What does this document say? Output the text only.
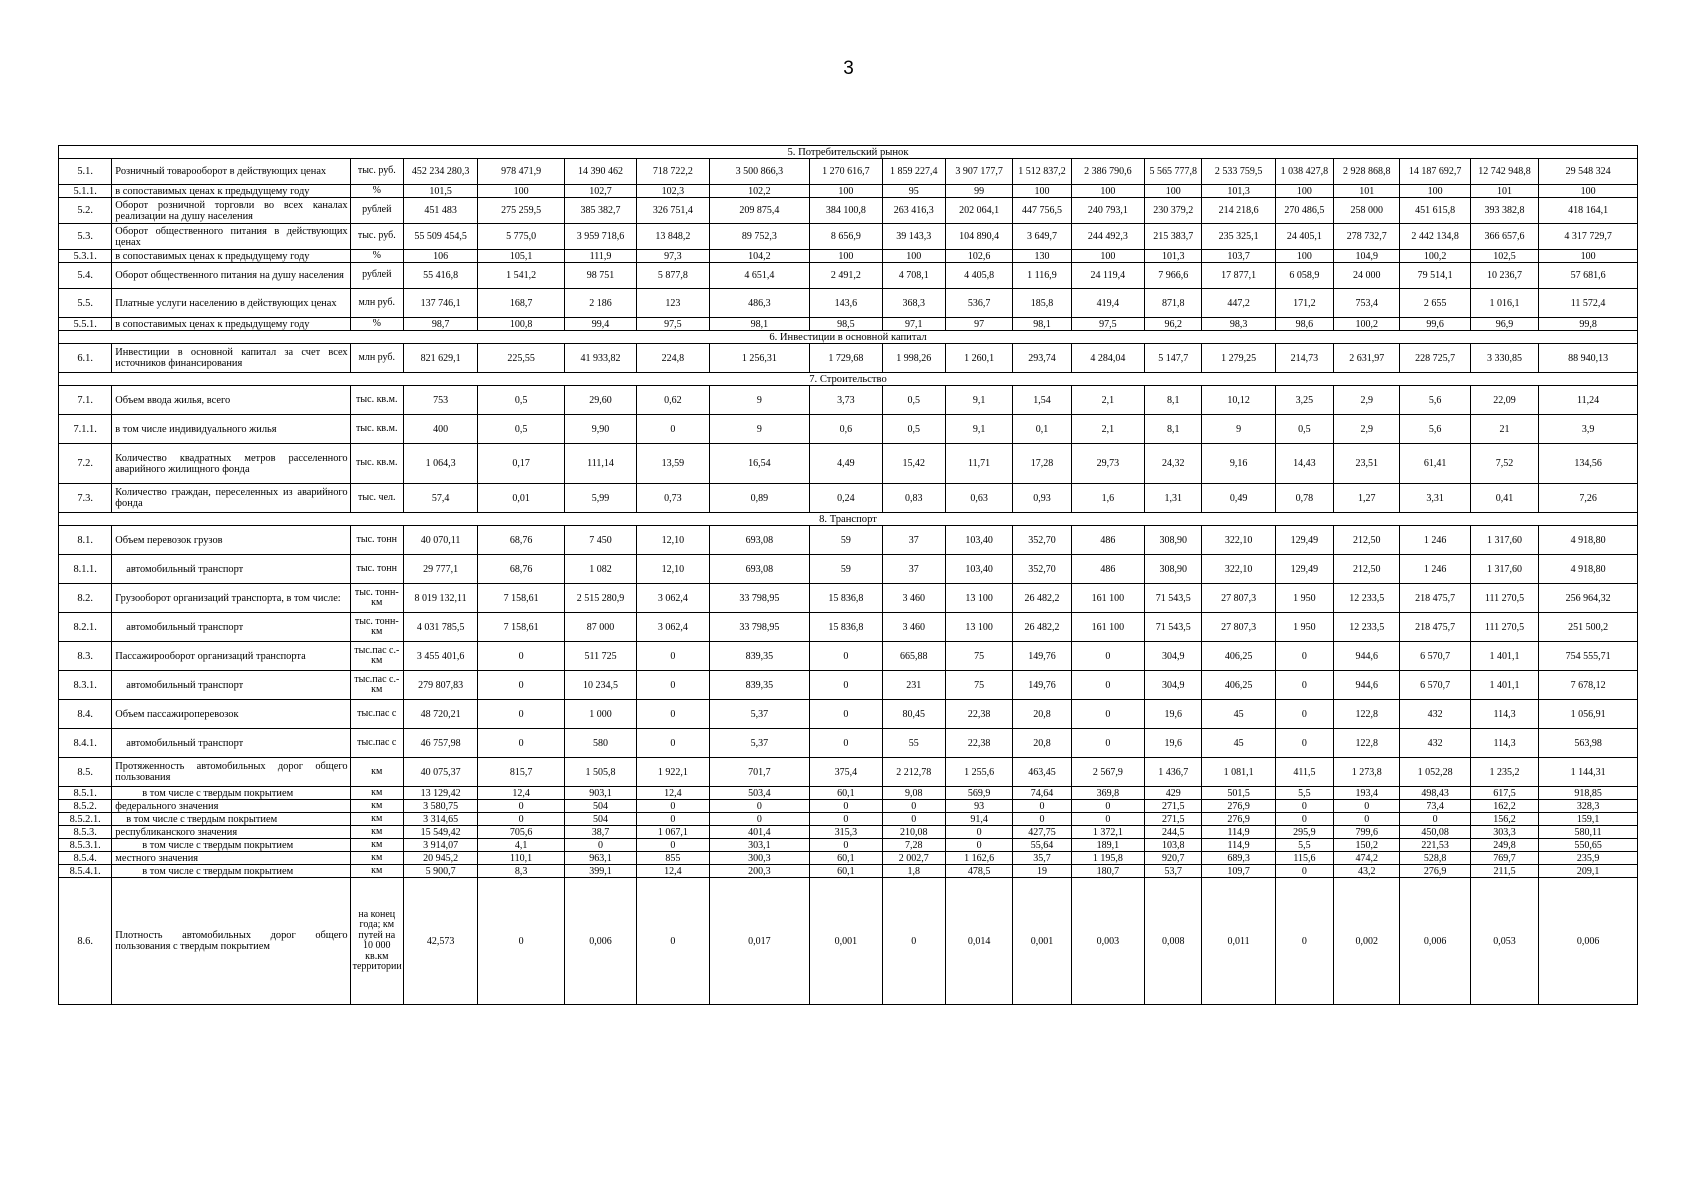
3
5. Потребительский рынок																			
5.1.	Розничный товарооборот в действующих ценах	тыс. руб.	452 234 280,3	978 471,9	14 390 462	718 722,2	3 500 866,3	1 270 616,7	1 859 227,4	3 907 177,7	1 512 837,2	2 386 790,6	5 565 777,8	2 533 759,5	1 038 427,8	2 928 868,8	14 187 692,7	12 742 948,8	29 548 324
5.1.1.	в сопоставимых ценах к предыдущему году	%	101,5	100	102,7	102,3	102,2	100	95	99	100	100	100	101,3	100	101	100	101	100
5.2.	Оборот розничной торговли во всех каналах реализации на душу населения	рублей	451 483	275 259,5	385 382,7	326 751,4	209 875,4	384 100,8	263 416,3	202 064,1	447 756,5	240 793,1	230 379,2	214 218,6	270 486,5	258 000	451 615,8	393 382,8	418 164,1
5.3.	Оборот общественного питания в действующих ценах	тыс. руб.	55 509 454,5	5 775,0	3 959 718,6	13 848,2	89 752,3	8 656,9	39 143,3	104 890,4	3 649,7	244 492,3	215 383,7	235 325,1	24 405,1	278 732,7	2 442 134,8	366 657,6	4 317 729,7
5.3.1.	в сопоставимых ценах к предыдущему году	%	106	105,1	111,9	97,3	104,2	100	100	102,6	130	100	101,3	103,7	100	104,9	100,2	102,5	100
5.4.	Оборот общественного питания на душу населения	рублей	55 416,8	1 541,2	98 751	5 877,8	4 651,4	2 491,2	4 708,1	4 405,8	1 116,9	24 119,4	7 966,6	17 877,1	6 058,9	24 000	79 514,1	10 236,7	57 681,6
5.5.	Платные услуги населению в действующих ценах	млн руб.	137 746,1	168,7	2 186	123	486,3	143,6	368,3	536,7	185,8	419,4	871,8	447,2	171,2	753,4	2 655	1 016,1	11 572,4
5.5.1.	в сопоставимых ценах к предыдущему году	%	98,7	100,8	99,4	97,5	98,1	98,5	97,1	97	98,1	97,5	96,2	98,3	98,6	100,2	99,6	96,9	99,8
6. Инвестиции в основной капитал																			
6.1.	Инвестиции в основной капитал за счет всех источников финансирования	млн руб.	821 629,1	225,55	41 933,82	224,8	1 256,31	1 729,68	1 998,26	1 260,1	293,74	4 284,04	5 147,7	1 279,25	214,73	2 631,97	228 725,7	3 330,85	88 940,13
7. Строительство																			
7.1.	Объем ввода жилья, всего	тыс. кв.м.	753	0,5	29,60	0,62	9	3,73	0,5	9,1	1,54	2,1	8,1	10,12	3,25	2,9	5,6	22,09	11,24
7.1.1.	в том числе индивидуального жилья	тыс. кв.м.	400	0,5	9,90	0	9	0,6	0,5	9,1	0,1	2,1	8,1	9	0,5	2,9	5,6	21	3,9
7.2.	Количество квадратных метров расселенного аварийного жилищного фонда	тыс. кв.м.	1 064,3	0,17	111,14	13,59	16,54	4,49	15,42	11,71	17,28	29,73	24,32	9,16	14,43	23,51	61,41	7,52	134,56
7.3.	Количество граждан, переселенных из аварийного фонда	тыс. чел.	57,4	0,01	5,99	0,73	0,89	0,24	0,83	0,63	0,93	1,6	1,31	0,49	0,78	1,27	3,31	0,41	7,26
8. Транспорт																			
8.1.	Объем перевозок грузов	тыс. тонн	40 070,11	68,76	7 450	12,10	693,08	59	37	103,40	352,70	486	308,90	322,10	129,49	212,50	1 246	1 317,60	4 918,80
8.1.1.	автомобильный транспорт	тыс. тонн	29 777,1	68,76	1 082	12,10	693,08	59	37	103,40	352,70	486	308,90	322,10	129,49	212,50	1 246	1 317,60	4 918,80
8.2.	Грузооборот организаций транспорта, в том числе:	тыс. тонн-км	8 019 132,11	7 158,61	2 515 280,9	3 062,4	33 798,95	15 836,8	3 460	13 100	26 482,2	161 100	71 543,5	27 807,3	1 950	12 233,5	218 475,7	111 270,5	256 964,32
8.2.1.	автомобильный транспорт	тыс. тонн-км	4 031 785,5	7 158,61	87 000	3 062,4	33 798,95	15 836,8	3 460	13 100	26 482,2	161 100	71 543,5	27 807,3	1 950	12 233,5	218 475,7	111 270,5	251 500,2
8.3.	Пассажирооборот организаций транспорта	тыс.пас с.-км	3 455 401,6	0	511 725	0	839,35	0	665,88	75	149,76	0	304,9	406,25	0	944,6	6 570,7	1 401,1	754 555,71
8.3.1.	автомобильный транспорт	тыс.пас с.-км	279 807,83	0	10 234,5	0	839,35	0	231	75	149,76	0	304,9	406,25	0	944,6	6 570,7	1 401,1	7 678,12
8.4.	Объем пассажироперевозок	тыс.пас с	48 720,21	0	1 000	0	5,37	0	80,45	22,38	20,8	0	19,6	45	0	122,8	432	114,3	1 056,91
8.4.1.	автомобильный транспорт	тыс.пас с	46 757,98	0	580	0	5,37	0	55	22,38	20,8	0	19,6	45	0	122,8	432	114,3	563,98
8.5.	Протяженность автомобильных дорог общего пользования	км	40 075,37	815,7	1 505,8	1 922,1	701,7	375,4	2 212,78	1 255,6	463,45	2 567,9	1 436,7	1 081,1	411,5	1 273,8	1 052,28	1 235,2	1 144,31
8.5.1.	в том числе с твердым покрытием	км	13 129,42	12,4	903,1	12,4	503,4	60,1	9,08	569,9	74,64	369,8	429	501,5	5,5	193,4	498,43	617,5	918,85
8.5.2.	федерального значения	км	3 580,75	0	504	0	0	0	0	93	0	0	271,5	276,9	0	0	73,4	162,2	328,3
8.5.2.1.	в том числе с твердым покрытием	км	3 314,65	0	504	0	0	0	0	91,4	0	0	271,5	276,9	0	0	0	156,2	159,1
8.5.3.	республиканского значения	км	15 549,42	705,6	38,7	1 067,1	401,4	315,3	210,08	0	427,75	1 372,1	244,5	114,9	295,9	799,6	450,08	303,3	580,11
8.5.3.1.	в том числе с твердым покрытием	км	3 914,07	4,1	0	0	303,1	0	7,28	0	55,64	189,1	103,8	114,9	5,5	150,2	221,53	249,8	550,65
8.5.4.	местного значения	км	20 945,2	110,1	963,1	855	300,3	60,1	2 002,7	1 162,6	35,7	1 195,8	920,7	689,3	115,6	474,2	528,8	769,7	235,9
8.5.4.1.	в том числе с твердым покрытием	км	5 900,7	8,3	399,1	12,4	200,3	60,1	1,8	478,5	19	180,7	53,7	109,7	0	43,2	276,9	211,5	209,1
8.6.	Плотность автомобильных дорог общего пользования с твердым покрытием	на конец года; км путей на 10 000 кв.км территории	42,573	0	0,006	0	0,017	0,001	0	0,014	0,001	0,003	0,008	0,011	0	0,002	0,006	0,053	0,006
